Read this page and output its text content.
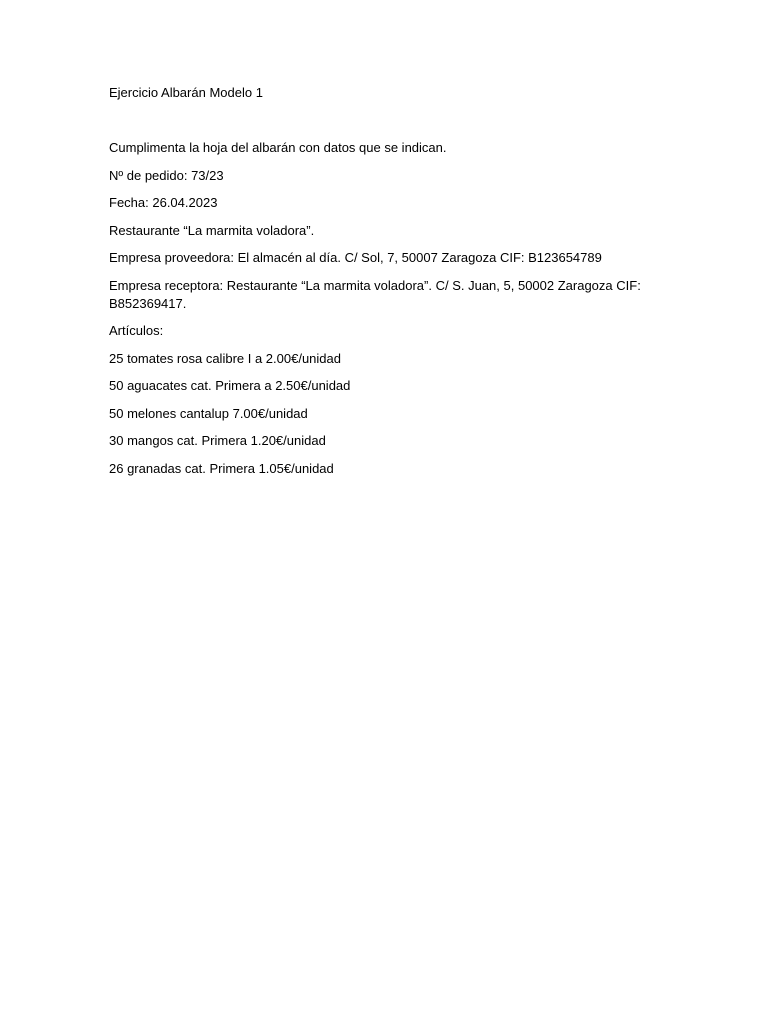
Ejercicio Albarán Modelo 1

Cumplimenta la hoja del albarán con datos que se indican.

Nº de pedido: 73/23

Fecha: 26.04.2023

Restaurante “La marmita voladora”.

Empresa proveedora: El almacén al día. C/ Sol, 7, 50007 Zaragoza CIF: B123654789

Empresa receptora: Restaurante “La marmita voladora”. C/ S. Juan, 5, 50002 Zaragoza CIF: B852369417.

Artículos:

25 tomates rosa calibre I a 2.00€/unidad
50 aguacates cat. Primera a 2.50€/unidad
50 melones cantalup 7.00€/unidad
30 mangos cat. Primera 1.20€/unidad
26 granadas cat. Primera 1.05€/unidad
